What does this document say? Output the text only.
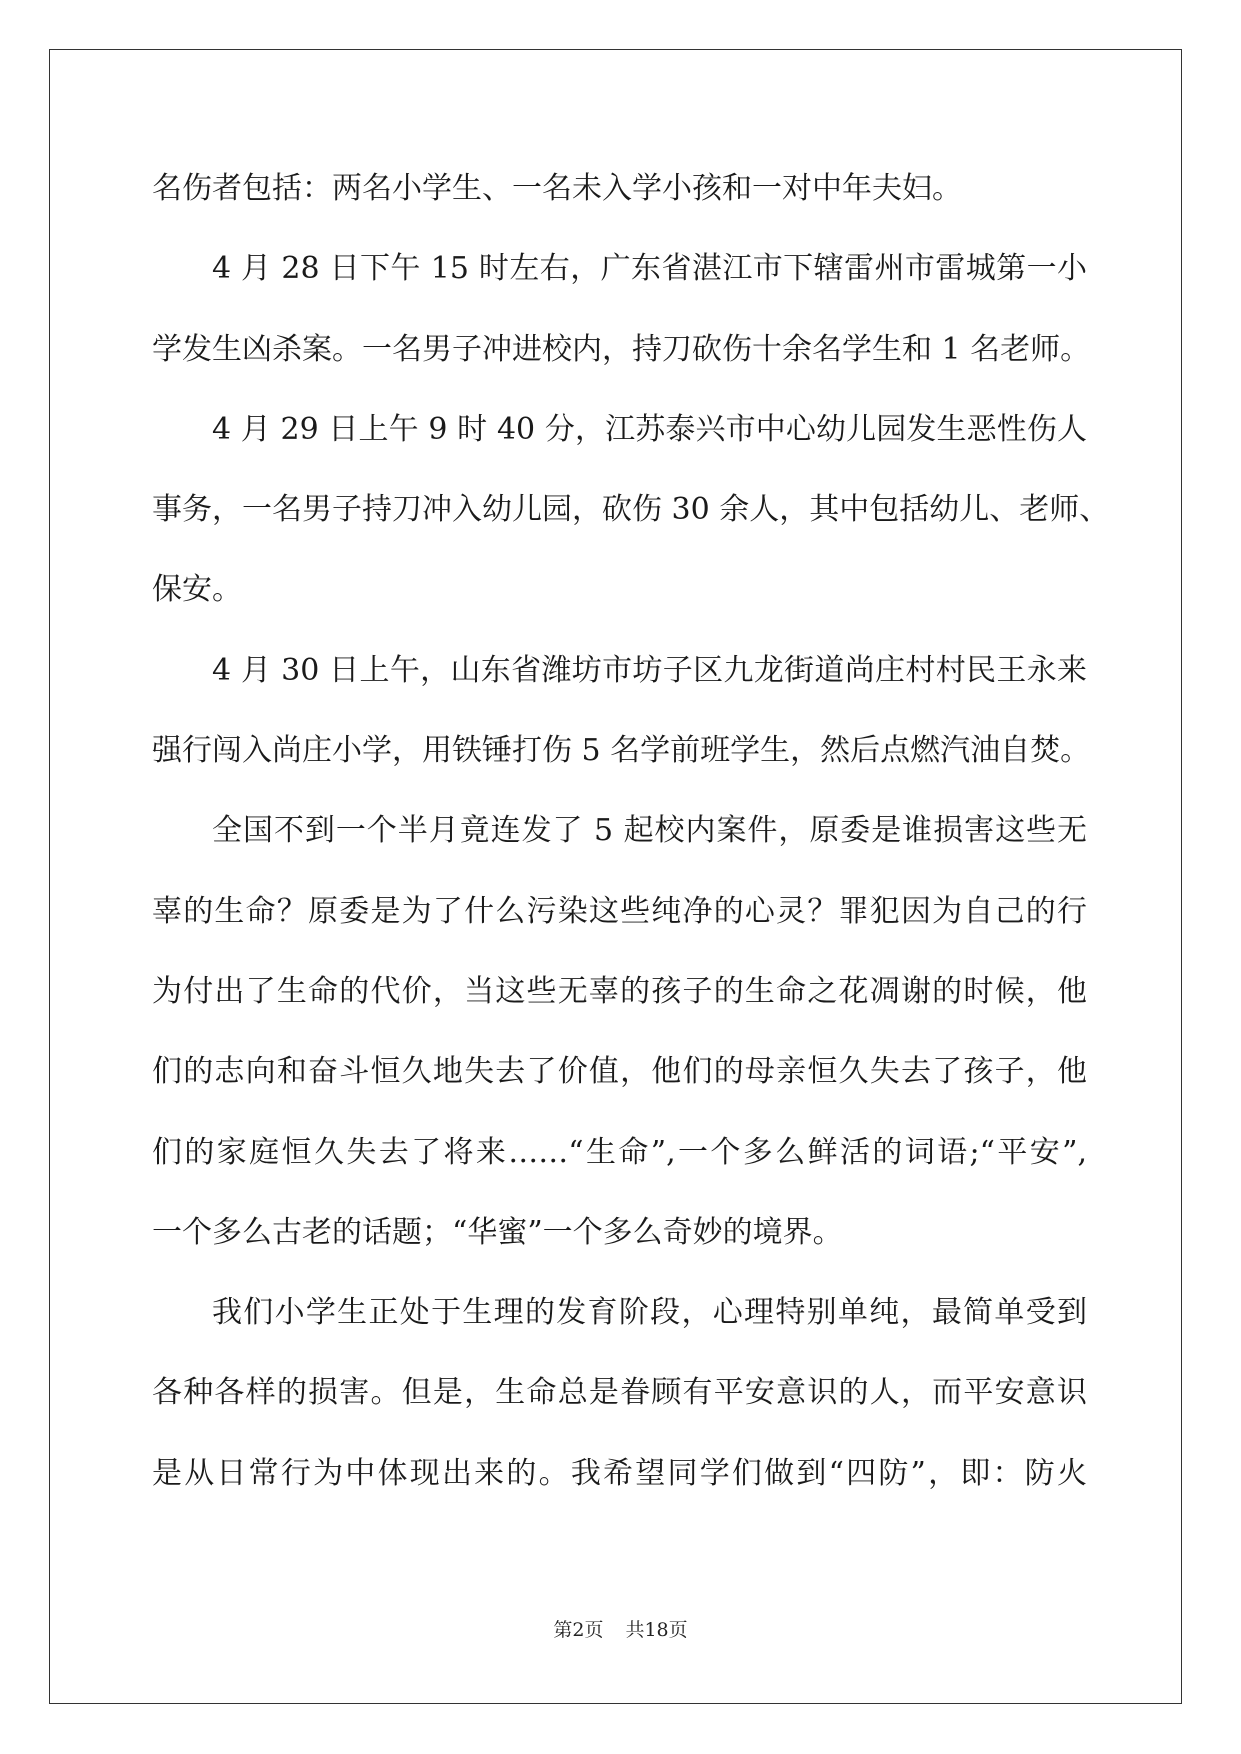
名伤者包括：两名小学生、一名未入学小孩和一对中年夫妇。
4 月 28 日下午 15 时左右，广东省湛江市下辖雷州市雷城第一小
学发生凶杀案。一名男子冲进校内，持刀砍伤十余名学生和 1 名老师。
4 月 29 日上午 9 时 40 分，江苏泰兴市中心幼儿园发生恶性伤人
事务，一名男子持刀冲入幼儿园，砍伤 30 余人，其中包括幼儿、老师、
保安。
4 月 30 日上午，山东省潍坊市坊子区九龙街道尚庄村村民王永来
强行闯入尚庄小学，用铁锤打伤 5 名学前班学生，然后点燃汽油自焚。
全国不到一个半月竟连发了 5 起校内案件，原委是谁损害这些无
辜的生命？原委是为了什么污染这些纯净的心灵？罪犯因为自己的行
为付出了生命的代价，当这些无辜的孩子的生命之花凋谢的时候，他
们的志向和奋斗恒久地失去了价值，他们的母亲恒久失去了孩子，他
们的家庭恒久失去了将来……“生命”,一个多么鲜活的词语;“平安”,
一个多么古老的话题；“华蜜”一个多么奇妙的境界。
我们小学生正处于生理的发育阶段，心理特别单纯，最简单受到
各种各样的损害。但是，生命总是眷顾有平安意识的人，而平安意识
是从日常行为中体现出来的。我希望同学们做到“四防”，即：防火
第2页 共18页
